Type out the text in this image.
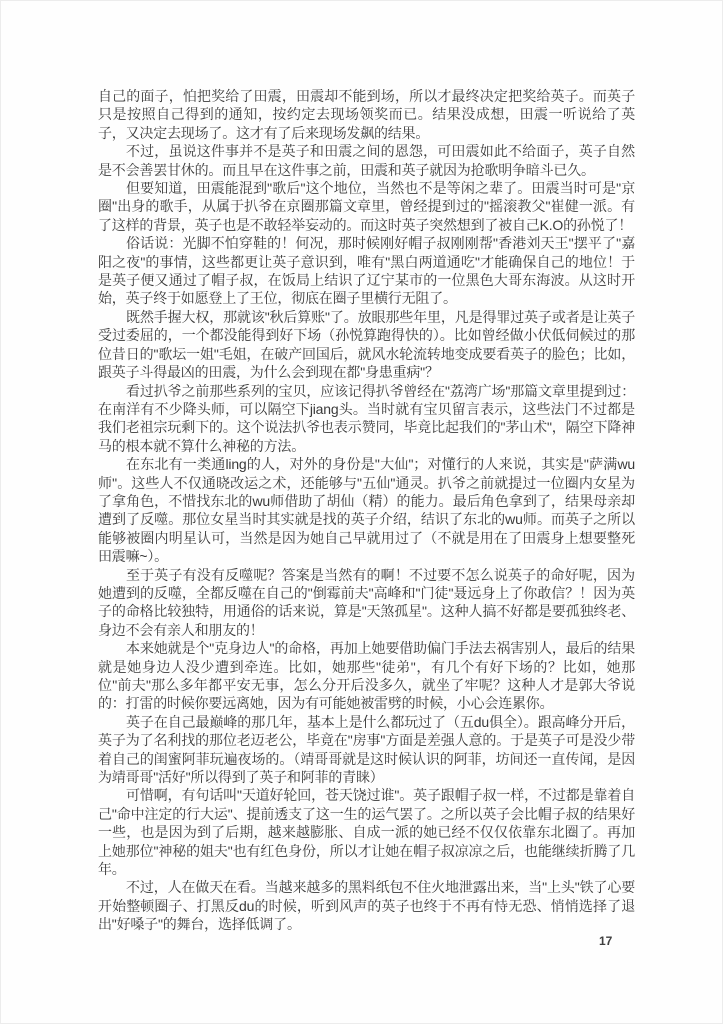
自己的面子，怕把奖给了田震，田震却不能到场，所以才最终决定把奖给英子。而英子只是按照自己得到的通知，按约定去现场领奖而已。结果没成想，田震一听说给了英子，又决定去现场了。这才有了后来现场发飙的结果。

不过，虽说这件事并不是英子和田震之间的恩怨，可田震如此不给面子，英子自然是不会善罢甘休的。而且早在这件事之前，田震和英子就因为抢歌明争暗斗已久。

但要知道，田震能混到"歌后"这个地位，当然也不是等闲之辈了。田震当时可是"京圈"出身的歌手，从属于扒爷在京圈那篇文章里，曾经提到过的"摇滚教父"崔健一派。有了这样的背景，英子也是不敢轻举妄动的。而这时英子突然想到了被自己K.O的孙悦了！

俗话说：光脚不怕穿鞋的！何况，那时候刚好帽子叔刚刚帮"香港刘天王"摆平了"嘉阳之夜"的事情，这些都更让英子意识到，唯有"黑白两道通吃"才能确保自己的地位！于是英子便又通过了帽子叔，在饭局上结识了辽宁某市的一位黑色大哥东海波。从这时开始，英子终于如愿登上了王位，彻底在圈子里横行无阻了。

既然手握大权，那就该"秋后算账"了。放眼那些年里，凡是得罪过英子或者是让英子受过委屈的，一个都没能得到好下场（孙悦算跑得快的）。比如曾经做小伏低伺候过的那位昔日的"歌坛一姐"毛姐，在破产回国后，就风水轮流转地变成要看英子的脸色；比如，跟英子斗得最凶的田震，为什么会到现在都"身患重病"？

看过扒爷之前那些系列的宝贝，应该记得扒爷曾经在"荔湾广场"那篇文章里提到过：在南洋有不少降头师，可以隔空下jiang头。当时就有宝贝留言表示，这些法门不过都是我们老祖宗玩剩下的。这个说法扒爷也表示赞同，毕竟比起我们的"茅山术"，隔空下降神马的根本就不算什么神秘的方法。

在东北有一类通ling的人，对外的身份是"大仙"；对懂行的人来说，其实是"萨满wu师"。这些人不仅通晓改运之术，还能够与"五仙"通灵。扒爷之前就提过一位圈内女星为了拿角色，不惜找东北的wu师借助了胡仙（精）的能力。最后角色拿到了，结果母亲却遭到了反噬。那位女星当时其实就是找的英子介绍，结识了东北的wu师。而英子之所以能够被圈内明星认可，当然是因为她自己早就用过了（不就是用在了田震身上想要整死田震嘛~）。

至于英子有没有反噬呢？答案是当然有的啊！不过要不怎么说英子的命好呢，因为她遭到的反噬，全都反噬在自己的"倒霉前夫"高峰和"门徒"聂远身上了你敢信？！因为英子的命格比较独特，用通俗的话来说，算是"天煞孤星"。这种人搞不好都是要孤独终老、身边不会有亲人和朋友的！

本来她就是个"克身边人"的命格，再加上她要借助偏门手法去祸害别人，最后的结果就是她身边人没少遭到牵连。比如，她那些"徒弟"，有几个有好下场的？比如，她那位"前夫"那么多年都平安无事，怎么分开后没多久，就坐了牢呢？这种人才是郭大爷说的：打雷的时候你要远离她，因为有可能她被雷劈的时候，小心会连累你。

英子在自己最巅峰的那几年，基本上是什么都玩过了（五du俱全）。跟高峰分开后，英子为了名利找的那位老迈老公，毕竟在"房事"方面是差强人意的。于是英子可是没少带着自己的闺蜜阿菲玩遍夜场的。（靖哥哥就是这时候认识的阿菲，坊间还一直传闻，是因为靖哥哥"活好"所以得到了英子和阿菲的青睐）

可惜啊，有句话叫"天道好轮回，苍天饶过谁"。英子跟帽子叔一样，不过都是靠着自己"命中注定的行大运"、提前透支了这一生的运气罢了。之所以英子会比帽子叔的结果好一些，也是因为到了后期，越来越膨胀、自成一派的她已经不仅仅依靠东北圈了。再加上她那位"神秘的姐夫"也有红色身份，所以才让她在帽子叔凉凉之后，也能继续折腾了几年。

不过，人在做天在看。当越来越多的黑料纸包不住火地泄露出来，当"上头"铁了心要开始整顿圈子、打黑反du的时候，听到风声的英子也终于不再有恃无恐、悄悄选择了退出"好嗓子"的舞台，选择低调了。

17
